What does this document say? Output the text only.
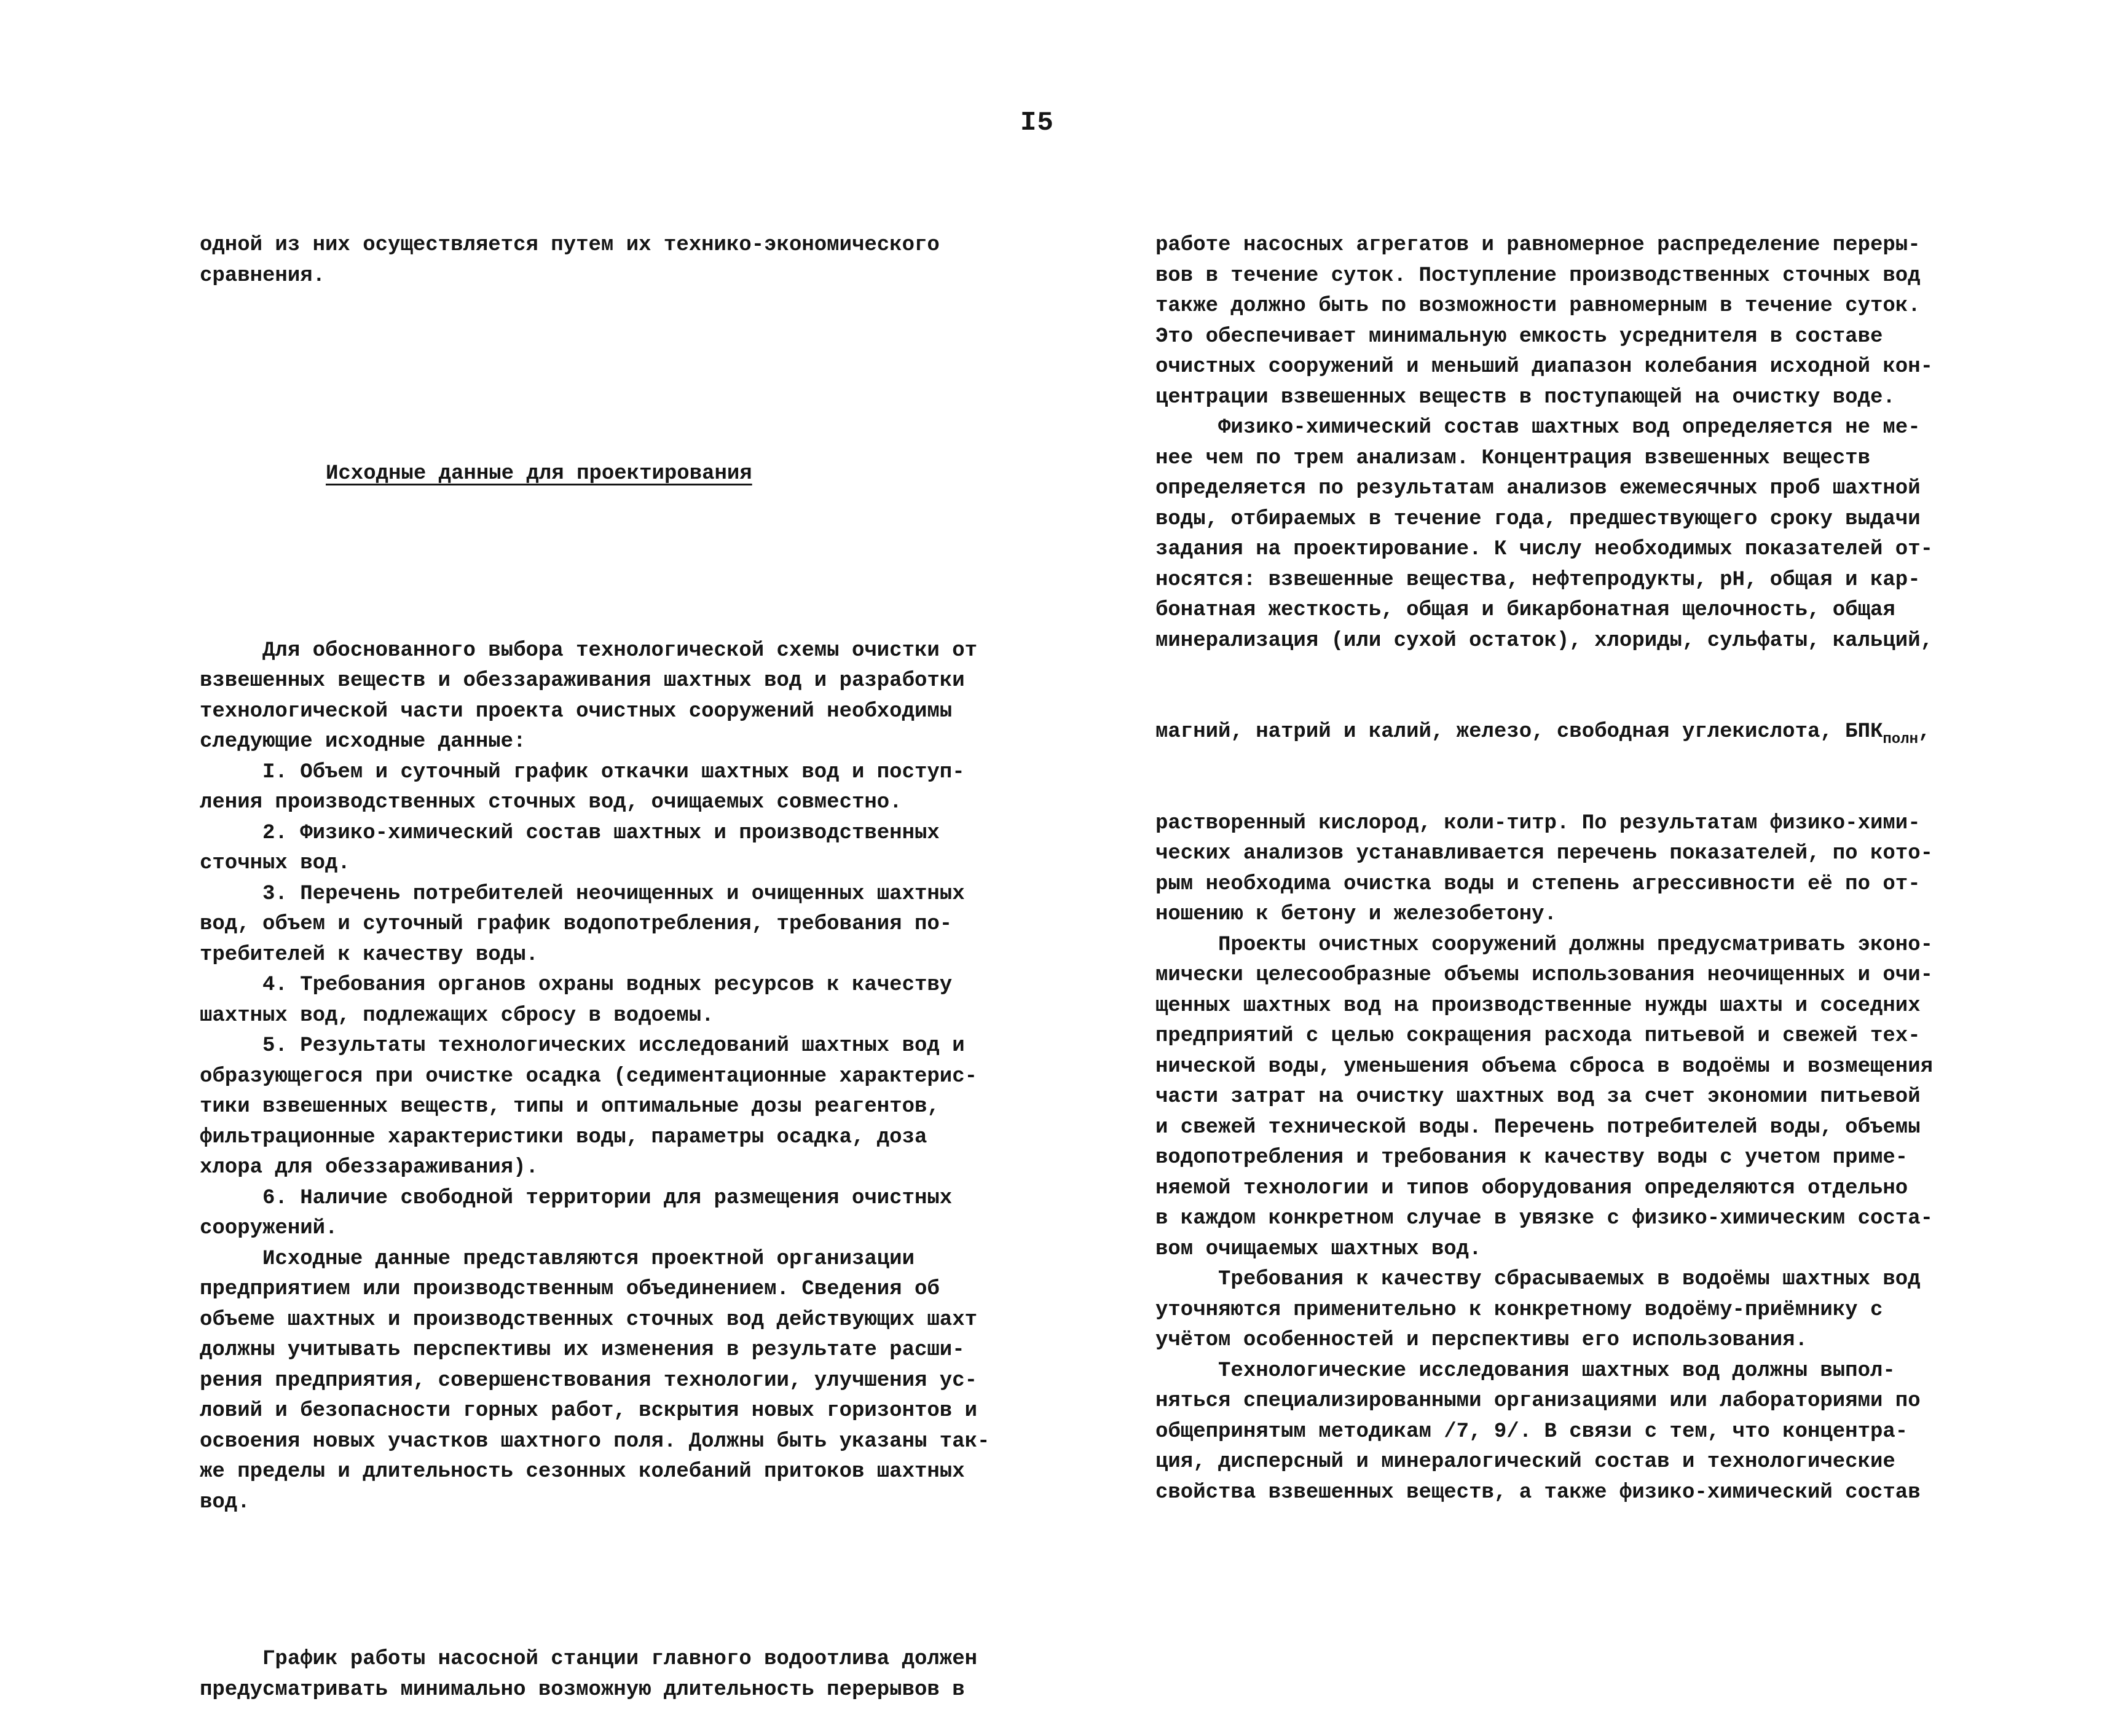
I5

одной из них осуществляется путем их технико-экономического
сравнения.

Исходные данные для проектирования

Для обоснованного выбора технологической схемы очистки от
взвешенных веществ и обеззараживания шахтных вод и разработки
технологической части проекта очистных сооружений необходимы
следующие исходные данные:
I. Объем и суточный график откачки шахтных вод и поступ-
ления производственных сточных вод, очищаемых совместно.
2. Физико-химический состав шахтных и производственных
сточных вод.
3. Перечень потребителей неочищенных и очищенных шахтных
вод, объем и суточный график водопотребления, требования по-
требителей к качеству воды.
4. Требования органов охраны водных ресурсов к качеству
шахтных вод, подлежащих сбросу в водоемы.
5. Результаты технологических исследований шахтных вод и
образующегося при очистке осадка (седиментационные характерис-
тики взвешенных веществ, типы и оптимальные дозы реагентов,
фильтрационные характеристики воды, параметры осадка, доза
хлора для обеззараживания).
6. Наличие свободной территории для размещения очистных
сооружений.
Исходные данные представляются проектной организации
предприятием или производственным объединением. Сведения об
объеме шахтных и производственных сточных вод действующих шахт
должны учитывать перспективы их изменения в результате расши-
рения предприятия, совершенствования технологии, улучшения ус-
ловий и безопасности горных работ, вскрытия новых горизонтов и
освоения новых участков шахтного поля. Должны быть указаны так-
же пределы и длительность сезонных колебаний притоков шахтных
вод.

График работы насосной станции главного водоотлива должен
предусматривать минимально возможную длительность перерывов в

работе насосных агрегатов и равномерное распределение переры-
вов в течение суток. Поступление производственных сточных вод
также должно быть по возможности равномерным в течение суток.
Это обеспечивает минимальную емкость усреднителя в составе
очистных сооружений и меньший диапазон колебания исходной кон-
центрации взвешенных веществ в поступающей на очистку воде.
Физико-химический состав шахтных вод определяется не ме-
нее чем по трем анализам. Концентрация взвешенных веществ
определяется по результатам анализов ежемесячных проб шахтной
воды, отбираемых в течение года, предшествующего сроку выдачи
задания на проектирование. К числу необходимых показателей от-
носятся: взвешенные вещества, нефтепродукты, pH, общая и кар-
бонатная жесткость, общая и бикарбонатная щелочность, общая
минерализация (или сухой остаток), хлориды, сульфаты, кальций,

магний, натрий и калий, железо, свободная углекислота, $БПК_{полн}$,

растворенный кислород, коли-титр. По результатам физико-хими-
ческих анализов устанавливается перечень показателей, по кото-
рым необходима очистка воды и степень агрессивности её по от-
ношению к бетону и железобетону.
Проекты очистных сооружений должны предусматривать эконо-
мически целесообразные объемы использования неочищенных и очи-
щенных шахтных вод на производственные нужды шахты и соседних
предприятий с целью сокращения расхода питьевой и свежей тех-
нической воды, уменьшения объема сброса в водоёмы и возмещения
части затрат на очистку шахтных вод за счет экономии питьевой
и свежей технической воды. Перечень потребителей воды, объемы
водопотребления и требования к качеству воды с учетом приме-
няемой технологии и типов оборудования определяются отдельно
в каждом конкретном случае в увязке с физико-химическим соста-
вом очищаемых шахтных вод.
Требования к качеству сбрасываемых в водоёмы шахтных вод
уточняются применительно к конкретному водоёму-приёмнику с
учётом особенностей и перспективы его использования.
Технологические исследования шахтных вод должны выпол-
няться специализированными организациями или лабораториями по
общепринятым методикам /7, 9/. В связи с тем, что концентра-
ция, дисперсный и минералогический состав и технологические
свойства взвешенных веществ, а также физико-химический состав
